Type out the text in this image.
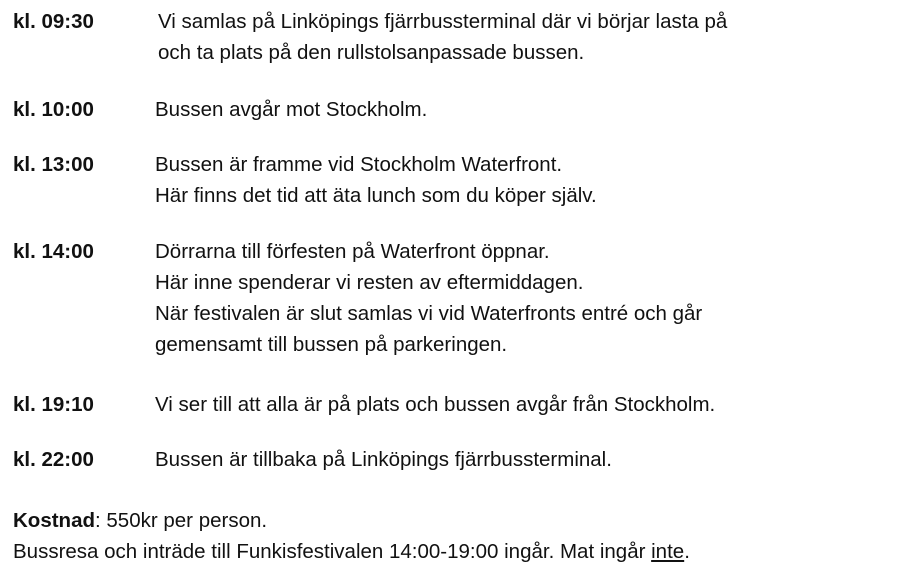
kl. 09:30	Vi samlas på Linköpings fjärrbussterminal där vi börjar lasta på
och ta plats på den rullstolsanpassade bussen.
kl. 10:00	Bussen avgår mot Stockholm.
kl. 13:00	Bussen är framme vid Stockholm Waterfront.
Här finns det tid att äta lunch som du köper själv.
kl. 14:00	Dörrarna till förfesten på Waterfront öppnar.
Här inne spenderar vi resten av eftermiddagen.
När festivalen är slut samlas vi vid Waterfronts entré och går
gemensamt till bussen på parkeringen.
kl. 19:10	Vi ser till att alla är på plats och bussen avgår från Stockholm.
kl. 22:00	Bussen är tillbaka på Linköpings fjärrbussterminal.
Kostnad: 550kr per person.
Bussresa och inträde till Funkisfestivalen 14:00-19:00 ingår. Mat ingår inte.
